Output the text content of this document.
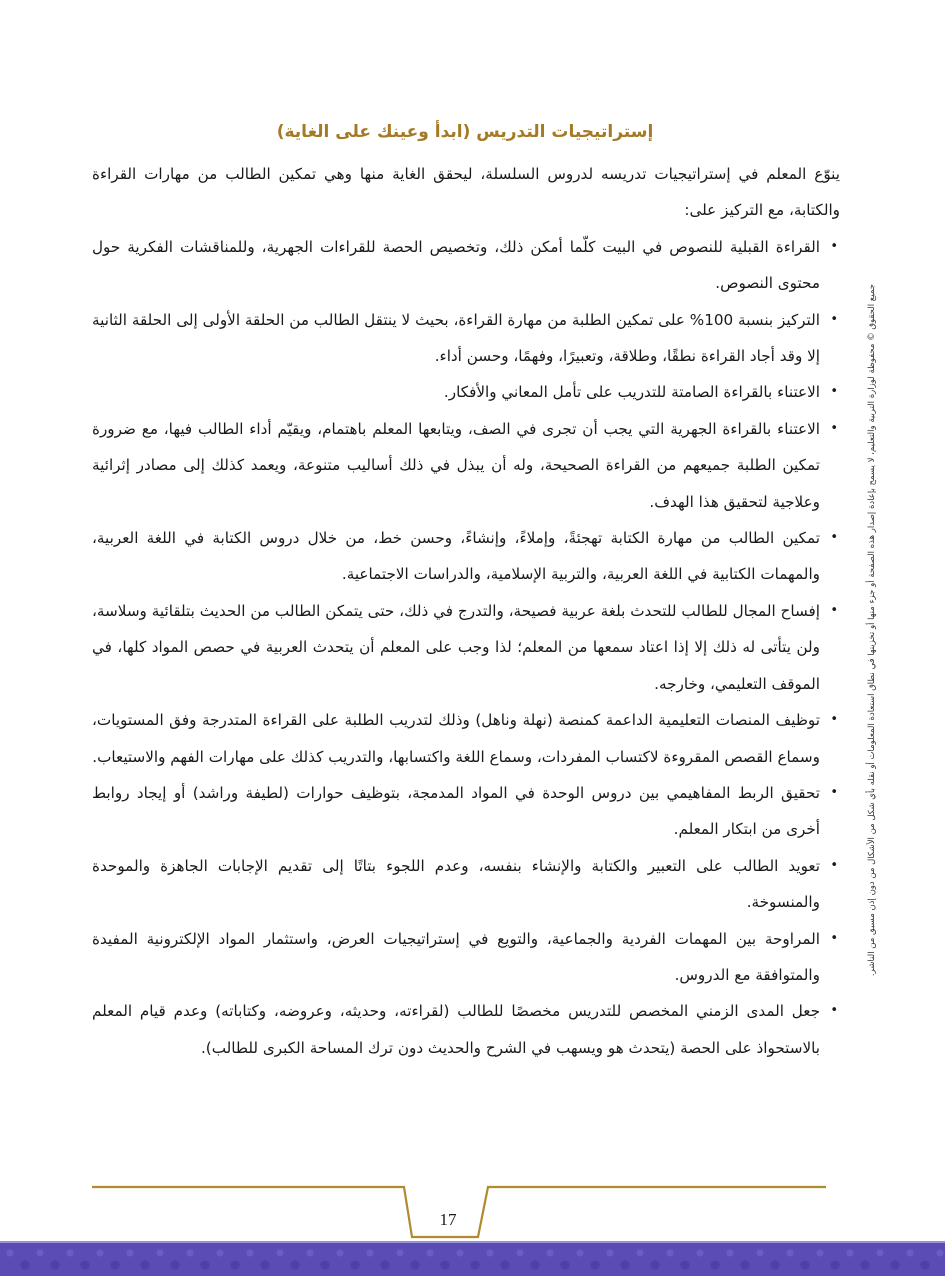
إستراتيجيات التدريس (ابدأ وعينك على الغاية)

ينوّع المعلم في إستراتيجيات تدريسه لدروس السلسلة، ليحقق الغاية منها وهي تمكين الطالب من مهارات القراءة والكتابة، مع التركيز على:

•
القراءة القبلية للنصوص في البيت كلّما أمكن ذلك، وتخصيص الحصة للقراءات الجهرية، وللمناقشات الفكرية حول محتوى النصوص.
•
التركيز بنسبة 100% على تمكين الطلبة من مهارة القراءة، بحيث لا ينتقل الطالب من الحلقة الأولى إلى الحلقة الثانية إلا وقد أجاد القراءة نطقًا، وطلاقة، وتعبيرًا، وفهمًا، وحسن أداء.
•
الاعتناء بالقراءة الصامتة للتدريب على تأمل المعاني والأفكار.
•
الاعتناء بالقراءة الجهرية التي يجب أن تجرى في الصف، ويتابعها المعلم باهتمام، ويقيّم أداء الطالب فيها، مع ضرورة تمكين الطلبة جميعهم من القراءة الصحيحة، وله أن يبذل في ذلك أساليب متنوعة، ويعمد كذلك إلى مصادر إثرائية وعلاجية لتحقيق هذا الهدف.
•
تمكين الطالب من مهارة الكتابة تهجئةً، وإملاءً، وإنشاءً، وحسن خط، من خلال دروس الكتابة في اللغة العربية، والمهمات الكتابية في اللغة العربية، والتربية الإسلامية، والدراسات الاجتماعية.
•
إفساح المجال للطالب للتحدث بلغة عربية فصيحة، والتدرج في ذلك، حتى يتمكن الطالب من الحديث بتلقائية وسلاسة، ولن يتأتى له ذلك إلا إذا اعتاد سمعها من المعلم؛ لذا وجب على المعلم أن يتحدث العربية في حصص المواد كلها، في الموقف التعليمي، وخارجه.
•
توظيف المنصات التعليمية الداعمة كمنصة (نهلة وناهل) وذلك لتدريب الطلبة على القراءة المتدرجة وفق المستويات، وسماع القصص المقروءة لاكتساب المفردات، وسماع اللغة واكتسابها، والتدريب كذلك على مهارات الفهم والاستيعاب.
•
تحقيق الربط المفاهيمي بين دروس الوحدة في المواد المدمجة، بتوظيف حوارات (لطيفة وراشد) أو إيجاد روابط أخرى من ابتكار المعلم.
•
تعويد الطالب على التعبير والكتابة والإنشاء بنفسه، وعدم اللجوء بتاتًا إلى تقديم الإجابات الجاهزة والموحدة والمنسوخة.
•
المراوحة بين المهمات الفردية والجماعية، والتويع في إستراتيجيات العرض، واستثمار المواد الإلكترونية المفيدة والمتوافقة مع الدروس.
•
جعل المدى الزمني المخصص للتدريس مخصصًا للطالب (لقراءته، وحديثه، وعروضه، وكتاباته) وعدم قيام المعلم بالاستحواذ على الحصة (يتحدث هو ويسهب في الشرح والحديث دون ترك المساحة الكبرى للطالب).
جميع الحقوق © محفوظة لوزارة التربية والتعليم، لا يسمح بإعادة إصدار هذه الصفحة أو جزء منها أو تخزينها في نطاق استعادة المعلومات أو نقله بأي شكل من الأشكال من دون إذن مسبق من الناشر.
17
